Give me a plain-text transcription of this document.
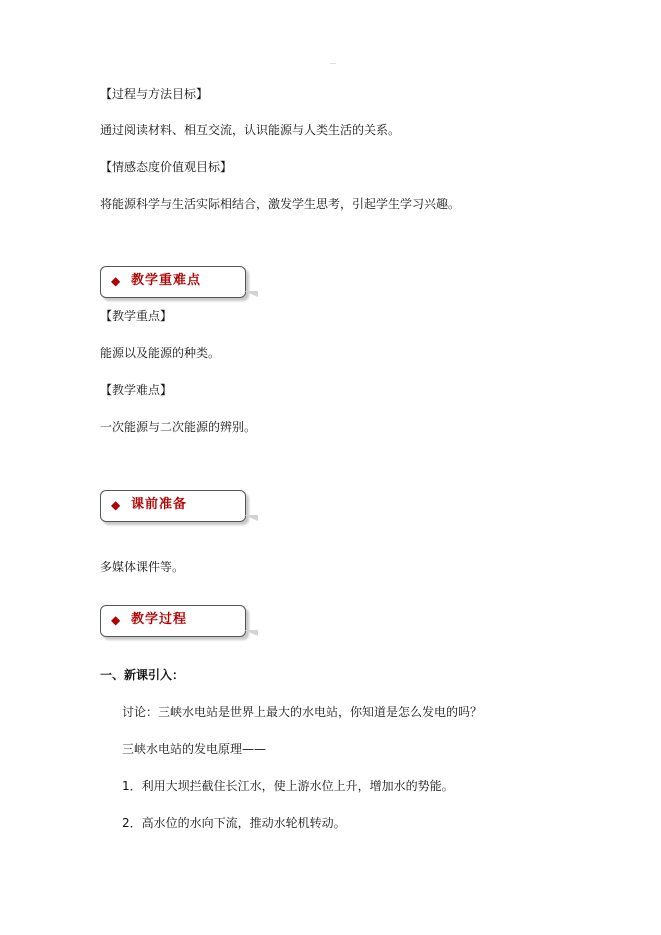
【过程与方法目标】
通过阅读材料、相互交流，认识能源与人类生活的关系。
【情感态度价值观目标】
将能源科学与生活实际相结合，激发学生思考，引起学生学习兴趣。
◆ 教学重难点
【教学重点】
能源以及能源的种类。
【教学难点】
一次能源与二次能源的辨别。
◆ 课前准备
多媒体课件等。
◆ 教学过程
一、新课引入：
讨论：三峡水电站是世界上最大的水电站，你知道是怎么发电的吗？
三峡水电站的发电原理——
1．利用大坝拦截住长江水，使上游水位上升，增加水的势能。
2．高水位的水向下流，推动水轮机转动。
